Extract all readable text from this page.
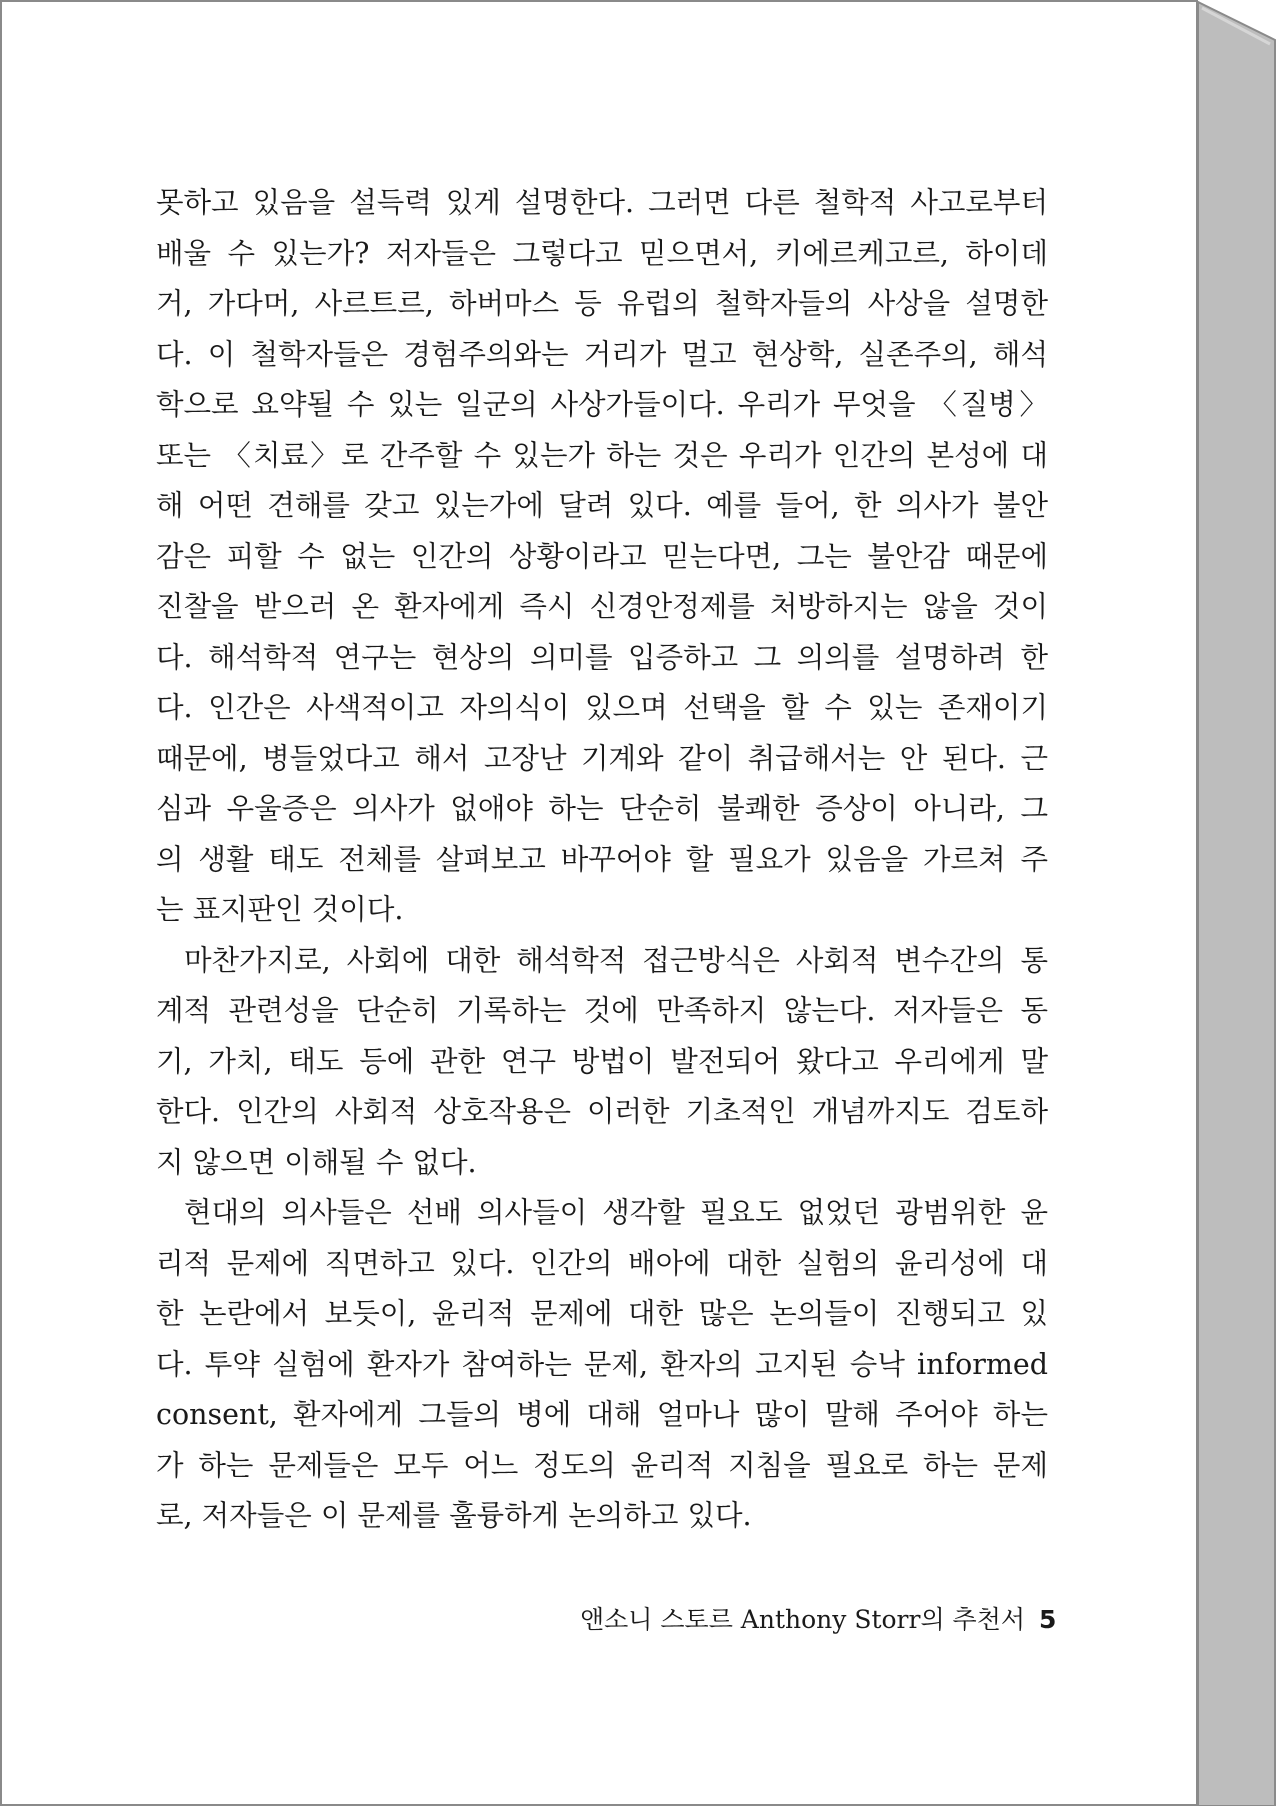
못하고 있음을 설득력 있게 설명한다. 그러면 다른 철학적 사고로부터
배울 수 있는가? 저자들은 그렇다고 믿으면서, 키에르케고르, 하이데
거, 가다머, 사르트르, 하버마스 등 유럽의 철학자들의 사상을 설명한
다. 이 철학자들은 경험주의와는 거리가 멀고 현상학, 실존주의, 해석
학으로 요약될 수 있는 일군의 사상가들이다. 우리가 무엇을 〈질병〉
또는 〈치료〉로 간주할 수 있는가 하는 것은 우리가 인간의 본성에 대
해 어떤 견해를 갖고 있는가에 달려 있다. 예를 들어, 한 의사가 불안
감은 피할 수 없는 인간의 상황이라고 믿는다면, 그는 불안감 때문에
진찰을 받으러 온 환자에게 즉시 신경안정제를 처방하지는 않을 것이
다. 해석학적 연구는 현상의 의미를 입증하고 그 의의를 설명하려 한
다. 인간은 사색적이고 자의식이 있으며 선택을 할 수 있는 존재이기
때문에, 병들었다고 해서 고장난 기계와 같이 취급해서는 안 된다. 근
심과 우울증은 의사가 없애야 하는 단순히 불쾌한 증상이 아니라, 그
의 생활 태도 전체를 살펴보고 바꾸어야 할 필요가 있음을 가르쳐 주
는 표지판인 것이다.
마찬가지로, 사회에 대한 해석학적 접근방식은 사회적 변수간의 통
계적 관련성을 단순히 기록하는 것에 만족하지 않는다. 저자들은 동
기, 가치, 태도 등에 관한 연구 방법이 발전되어 왔다고 우리에게 말
한다. 인간의 사회적 상호작용은 이러한 기초적인 개념까지도 검토하
지 않으면 이해될 수 없다.
현대의 의사들은 선배 의사들이 생각할 필요도 없었던 광범위한 윤
리적 문제에 직면하고 있다. 인간의 배아에 대한 실험의 윤리성에 대
한 논란에서 보듯이, 윤리적 문제에 대한 많은 논의들이 진행되고 있
다. 투약 실험에 환자가 참여하는 문제, 환자의 고지된 승낙 informed
consent, 환자에게 그들의 병에 대해 얼마나 많이 말해 주어야 하는
가 하는 문제들은 모두 어느 정도의 윤리적 지침을 필요로 하는 문제
로, 저자들은 이 문제를 훌륭하게 논의하고 있다.
앤소니 스토르 Anthony Storr의 추천서 5
